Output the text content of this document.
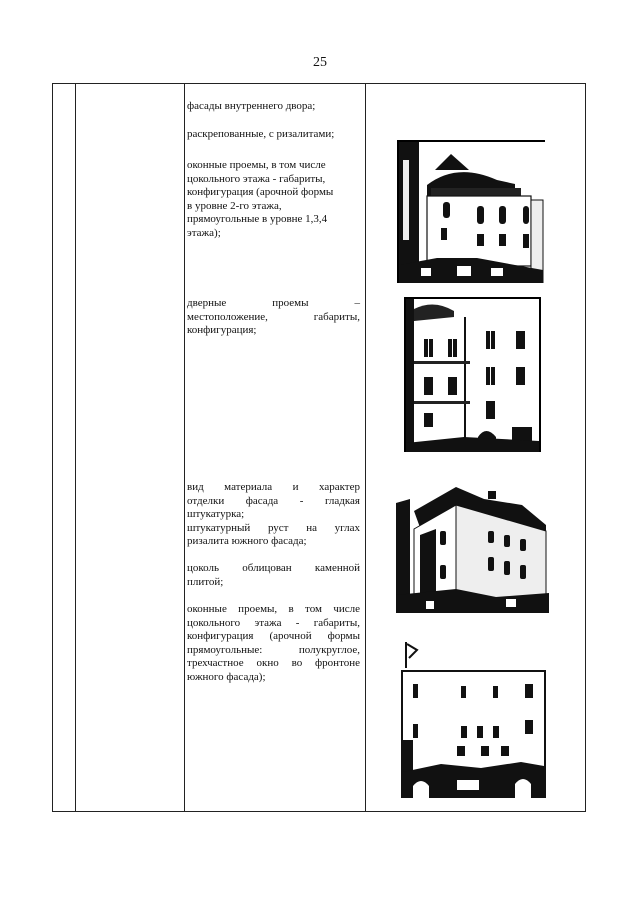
25

фасады внутреннего двора;

раскрепованные, с ризалитами;

оконные проемы, в том числе

цокольного этажа - габариты,

конфигурация (арочной формы

в уровне 2-го этажа,

прямоугольные в уровне 1,3,4

этажа);

дверные проемы –

местоположение, габариты,

конфигурация;

вид материала и характер

отделки фасада - гладкая

штукатурка;

штукатурный руст на углах

ризалита южного фасада;

цоколь облицован каменной

плитой;

оконные проемы, в том числе

цокольного этажа - габариты,

конфигурация (арочной формы

прямоугольные: полукруглое,

трехчастное окно во фронтоне

южного фасада);
